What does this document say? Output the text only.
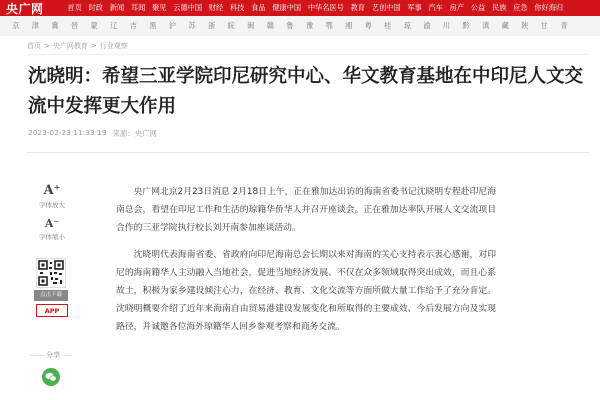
央广网	首页 时政 新闻 耳闻 聚见 云德中国 财经 科技 食品 健康中国 中华名医号 教育 艺创中国 军事 汽车 房产 公益 民族 应急 你好海归
京	津	冀	晋	蒙	辽	吉	黑	沪	苏	浙	皖	闽	赣	鲁	豫	鄂	湘	粤	桂	琼	渝	川	黔	滇	藏	陕	甘	青
首页 > 央广网教育 > 行业观察
沈晓明：希望三亚学院印尼研究中心、华文教育基地在中印尼人文交流中发挥更大作用
2023-02-23 11:33:19 来源：央广网
A⁺
字体放大
A⁻
字体缩小
点击下载
APP
分享

央广网北京2月23日消息 2月18日上午，正在雅加达出访的海南省委书记沈晓明专程赴印尼海南总会，看望在印尼工作和生活的琼籍华侨华人并召开座谈会。正在雅加达率队开展人文交流项目合作的三亚学院执行校长刘开南参加座谈活动。

沈晓明代表海南省委、省政府向印尼海南总会长期以来对海南的关心支持表示衷心感谢，对印尼的海南籍华人主动融入当地社会，促进当地经济发展、不仅在众多领域取得突出成效，而且心系故土，积极为家乡建设倾注心力，在经济、教育、文化交流等方面所做大量工作给予了充分肯定。沈晓明概要介绍了近年来海南自由贸易港建设发展变化和所取得的主要成效、今后发展方向及实现路径，并诚邀各位海外琼籍华人回乡参观考察和商务交流。
